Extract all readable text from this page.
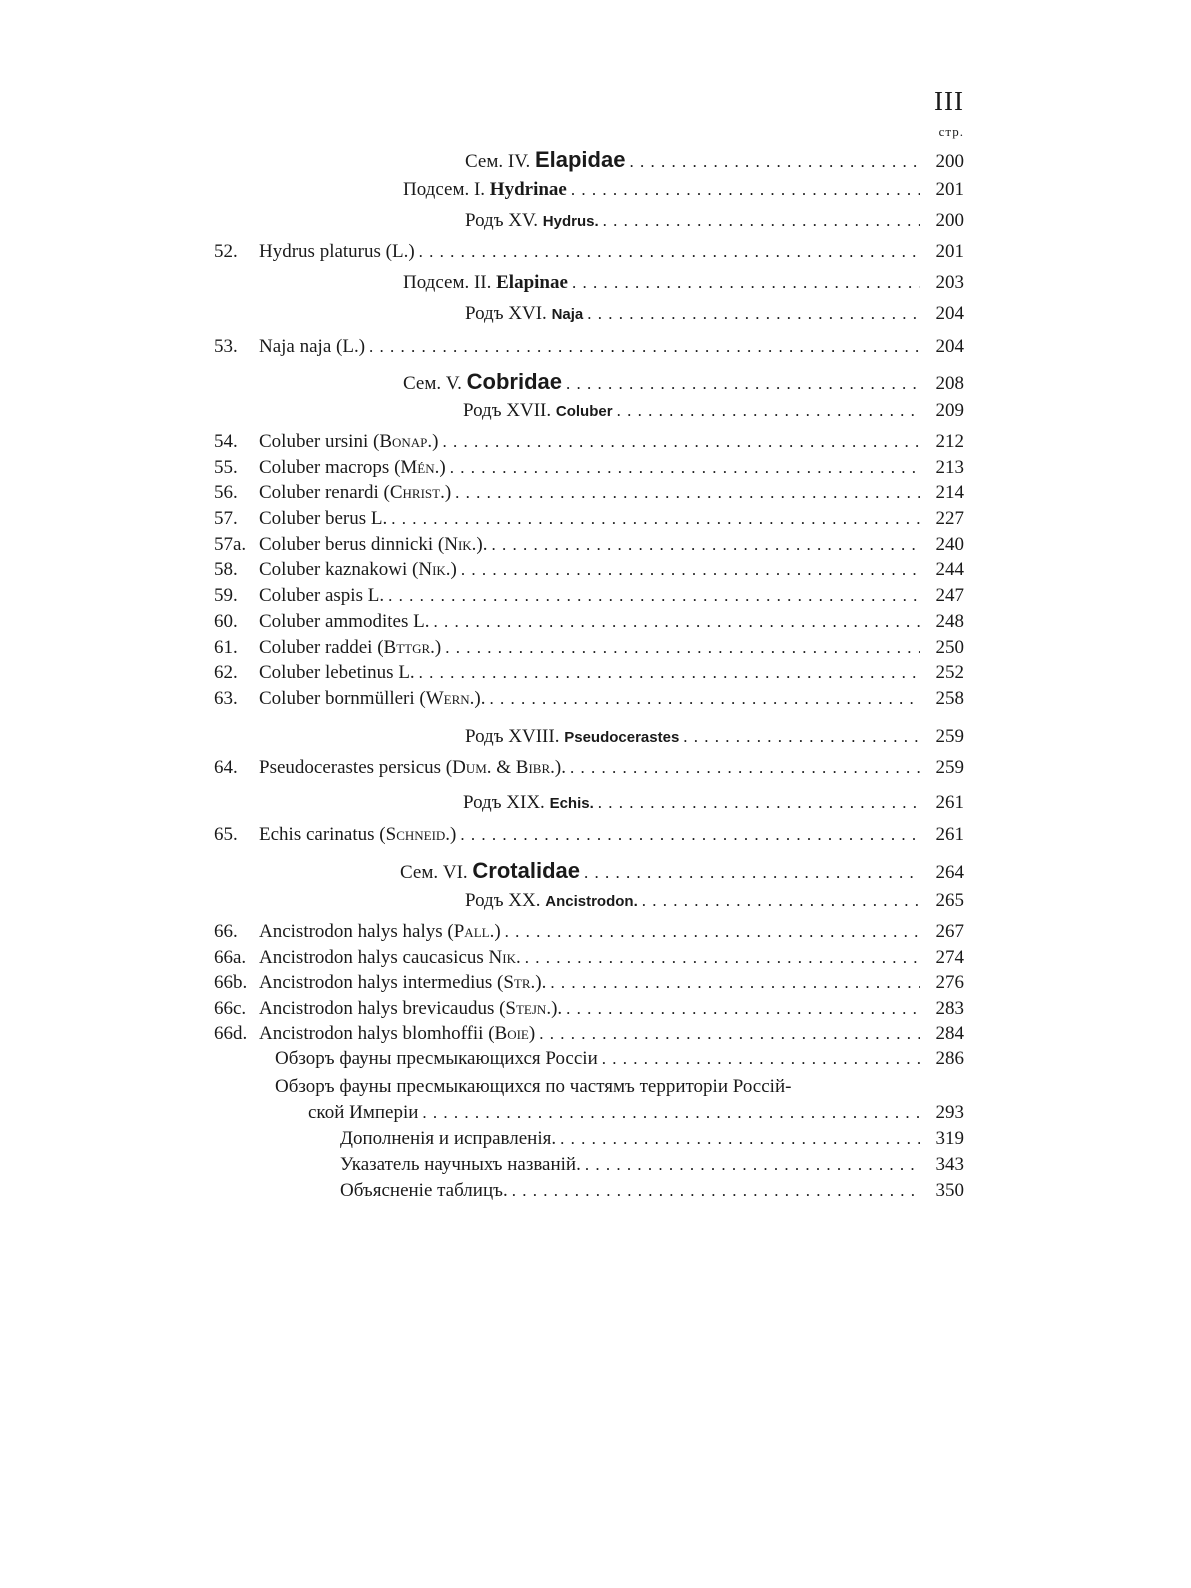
III
стр.
Сем. IV. Elapidae . . .	200
Подсем. I. Hydrinae . . .	201
Родъ XV. Hydrus. . . .	200
52.	Hydrus platurus (L.) . . .	201
Подсем. II. Elapinae . . .	203
Родъ XVI. Naja . . .	204
53.	Naja naja (L.) . . .	204
Сем. V. Cobridae . . .	208
Родъ XVII. Coluber . . .	209
54.	Coluber ursini (Bonap.) . . .	212
55.	Coluber macrops (Mén.) . . .	213
56.	Coluber renardi (Christ.) . . .	214
57.	Coluber berus L. . . .	227
57a. Coluber berus dinnicki (Nik.). . . .	240
58.	Coluber kaznakowi (Nik.) . . .	244
59.	Coluber aspis L. . . .	247
60.	Coluber ammodites L. . . .	248
61.	Coluber raddei (Bttgr.) . . .	250
62.	Coluber lebetinus L. . . .	252
63.	Coluber bornmülleri (Wern.). . . .	258
Родъ XVIII. Pseudocerastes . . .	259
64.	Pseudocerastes persicus (Dum. & Bibr.). . . .	259
Родъ XIX. Echis. . . .	261
65.	Echis carinatus (Schneid.) . . .	261
Сем. VI. Crotalidae . . .	264
Родъ XX. Ancistrodon. . . .	265
66.	Ancistrodon halys halys (Pall.) . . .	267
66a. Ancistrodon halys caucasicus Nik. . . .	274
66b. Ancistrodon halys intermedius (Str.). . . .	276
66c. Ancistrodon halys brevicaudus (Stejn.). . . .	283
66d. Ancistrodon halys blomhoffii (Boie) . . .	284
Обзоръ фауны пресмыкающихся Россіи . . .	286
Обзоръ фауны пресмыкающихся по частямъ территоріи Россій-
ской Имперіи . . .	293
Дополненія и исправленія. . . .	319
Указатель научныхъ названій. . . .	343
Объясненіе таблицъ. . . .	350
